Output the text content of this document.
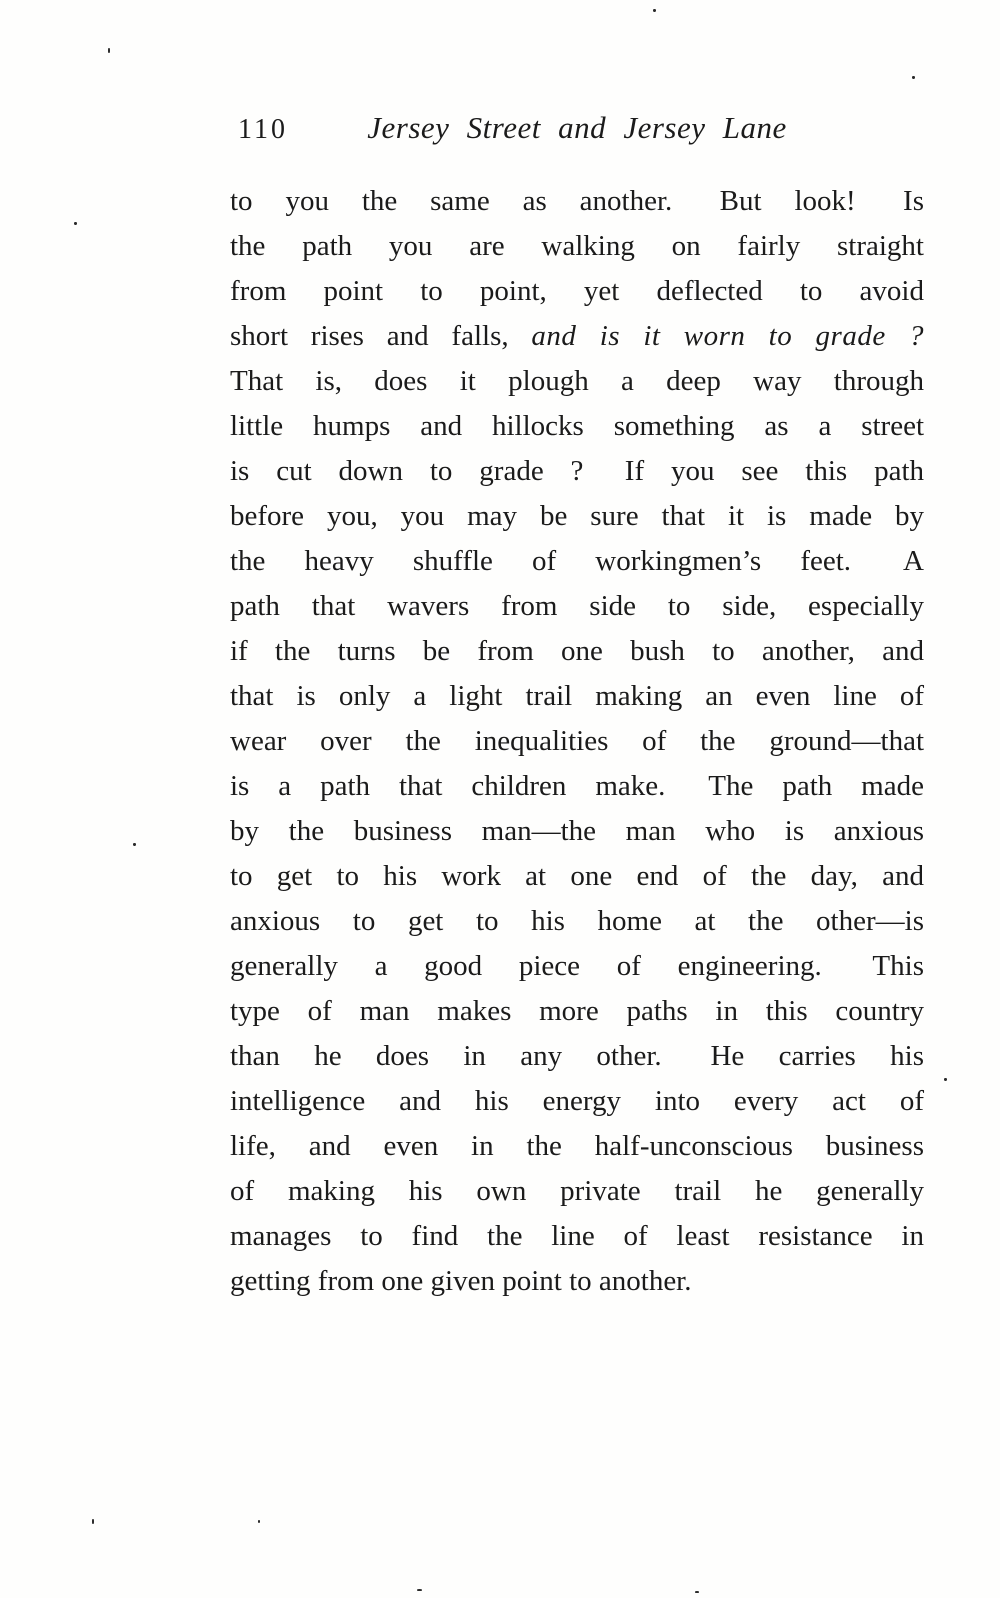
110	Jersey Street and Jersey Lane
to you the same as another.  But look!  Is
the path you are walking on fairly straight
from point to point, yet deflected to avoid
short rises and falls, and is it worn to grade ?
That is, does it plough a deep way through
little humps and hillocks something as a street
is cut down to grade ?  If you see this path
before you, you may be sure that it is made by
the heavy shuffle of workingmen’s feet.  A
path that wavers from side to side, especially
if the turns be from one bush to another, and
that is only a light trail making an even line of
wear over the inequalities of the ground—that
is a path that children make.  The path made
by the business man—the man who is anxious
to get to his work at one end of the day, and
anxious to get to his home at the other—is
generally a good piece of engineering.  This
type of man makes more paths in this country
than he does in any other.  He carries his
intelligence and his energy into every act of
life, and even in the half-unconscious business
of making his own private trail he generally
manages to find the line of least resistance in
getting from one given point to another.
